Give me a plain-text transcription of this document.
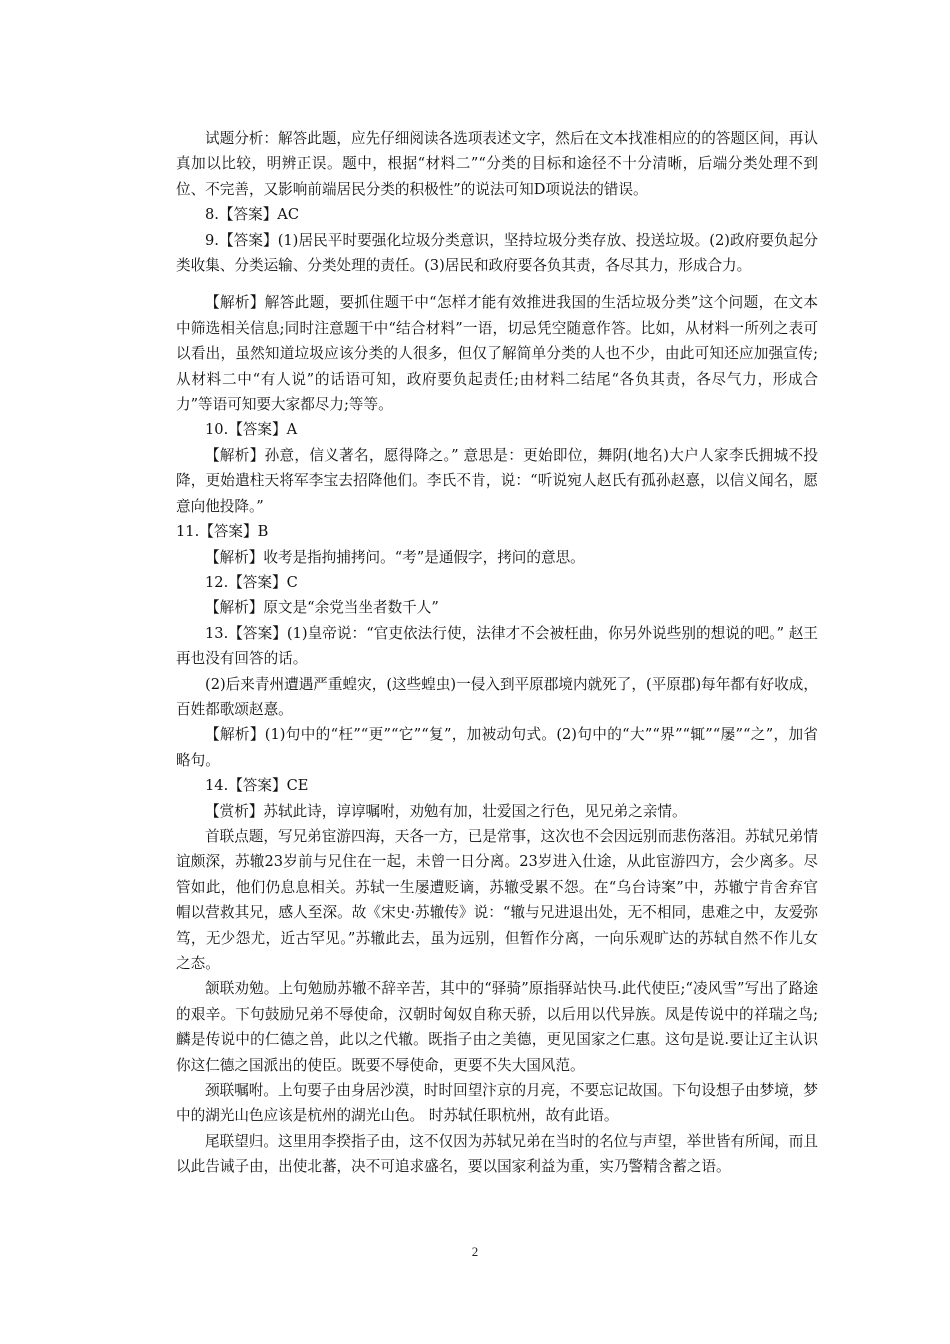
试题分析：解答此题，应先仔细阅读各选项表述文字，然后在文本找准相应的的答题区间，再认真加以比较，明辨正误。题中，根据“材料二”“分类的目标和途径不十分清晰，后端分类处理不到位、不完善，又影响前端居民分类的积极性”的说法可知D项说法的错误。

8.【答案】AC

9.【答案】(1)居民平时要强化垃圾分类意识，坚持垃圾分类存放、投送垃圾。(2)政府要负起分类收集、分类运输、分类处理的责任。(3)居民和政府要各负其责，各尽其力，形成合力。

【解析】解答此题，要抓住题干中“怎样才能有效推进我国的生活垃圾分类”这个问题，在文本中筛选相关信息;同时注意题干中“结合材料”一语，切忌凭空随意作答。比如，从材料一所列之表可以看出，虽然知道垃圾应该分类的人很多，但仅了解简单分类的人也不少，由此可知还应加强宣传;从材料二中“有人说”的话语可知，政府要负起责任;由材料二结尾“各负其责，各尽气力，形成合力”等语可知要大家都尽力;等等。

10.【答案】A

【解析】孙意，信义著名，愿得降之。” 意思是：更始即位，舞阴(地名)大户人家李氏拥城不投降，更始遣柱天将军李宝去招降他们。李氏不肯，说：“听说宛人赵氏有孤孙赵憙，以信义闻名，愿意向他投降。”

11.【答案】B

【解析】收考是指拘捕拷问。“考”是通假字，拷问的意思。

12.【答案】C

【解析】原文是“余党当坐者数千人”

13.【答案】(1)皇帝说：“官吏依法行使，法律才不会被枉曲，你另外说些别的想说的吧。” 赵王再也没有回答的话。

(2)后来青州遭遇严重蝗灾，(这些蝗虫)一侵入到平原郡境内就死了，(平原郡)每年都有好收成，百姓都歌颂赵憙。

【解析】(1)句中的“枉”“更”“它”“复”，加被动句式。(2)句中的“大”“界”“辄”“屡”“之”，加省略句。

14.【答案】CE

【赏析】苏轼此诗，谆谆嘱咐，劝勉有加，壮爱国之行色，见兄弟之亲情。

首联点题，写兄弟宦游四海，天各一方，已是常事，这次也不会因远别而悲伤落泪。苏轼兄弟情谊颇深，苏辙23岁前与兄住在一起，未曾一日分离。23岁进入仕途，从此宦游四方，会少离多。尽管如此，他们仍息息相关。苏轼一生屡遭贬谪，苏辙受累不怨。在“乌台诗案”中，苏辙宁肯舍弃官帽以营救其兄，感人至深。故《宋史·苏辙传》说：“辙与兄进退出处，无不相同，患难之中，友爱弥笃，无少怨尤，近古罕见。”苏辙此去，虽为远别，但暂作分离，一向乐观旷达的苏轼自然不作儿女之态。

颔联劝勉。上句勉励苏辙不辞辛苦，其中的“驿骑”原指驿站快马.此代使臣;“凌风雪”写出了路途的艰辛。下句鼓励兄弟不辱使命，汉朝时匈奴自称天骄，以后用以代异族。凤是传说中的祥瑞之鸟;麟是传说中的仁德之兽，此以之代辙。既指子由之美德，更见国家之仁惠。这句是说.要让辽主认识你这仁德之国派出的使臣。既要不辱使命，更要不失大国风范。

颈联嘱咐。上句要子由身居沙漠，时时回望汴京的月亮，不要忘记故国。下句设想子由梦境，梦中的湖光山色应该是杭州的湖光山色。 时苏轼任职杭州，故有此语。

尾联望归。这里用李揆指子由，这不仅因为苏轼兄弟在当时的名位与声望，举世皆有所闻，而且以此告诫子由，出使北蕃，决不可追求盛名，要以国家利益为重，实乃警精含蓄之语。

2
